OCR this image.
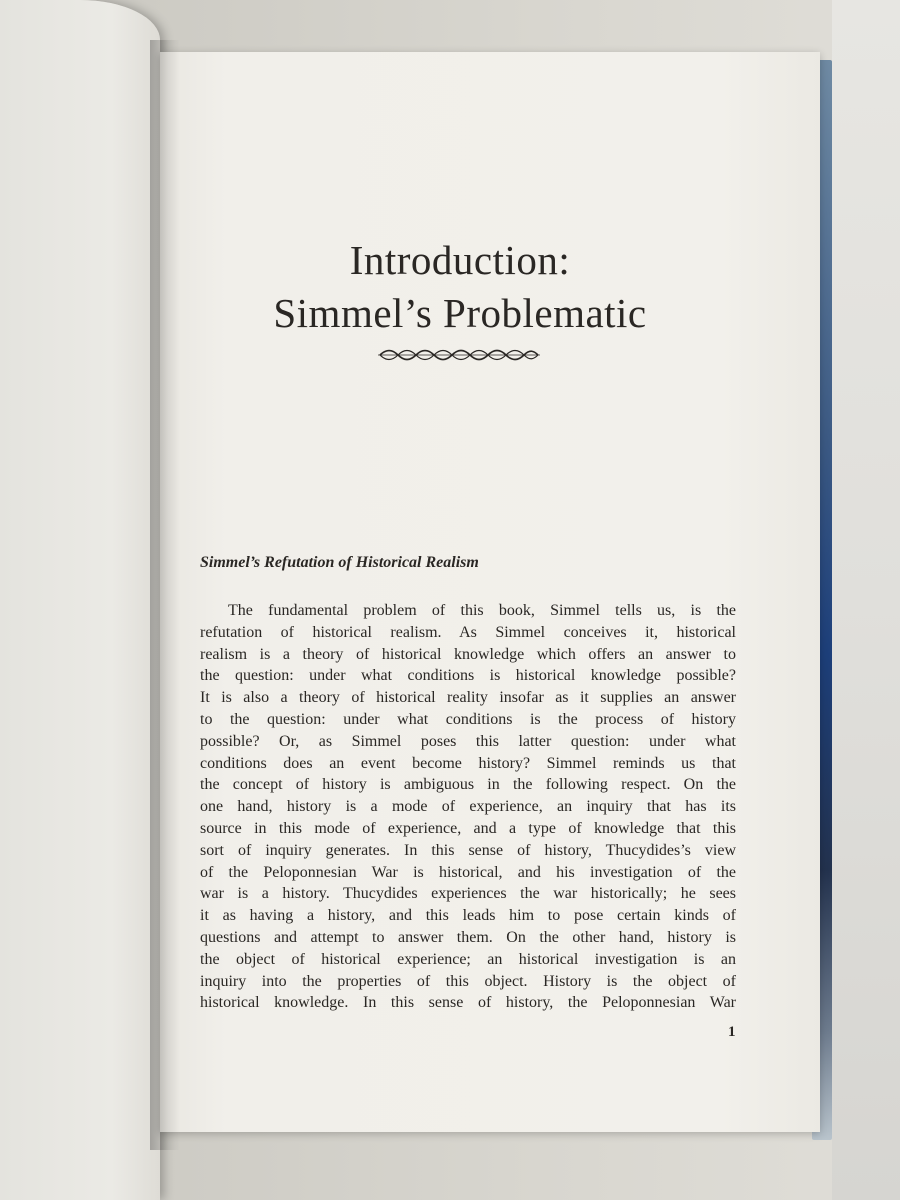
Introduction:
Simmel’s Problematic
Simmel’s Refutation of Historical Realism
The fundamental problem of this book, Simmel tells us, is the
refutation of historical realism. As Simmel conceives it, historical
realism is a theory of historical knowledge which offers an answer to
the question: under what conditions is historical knowledge possible?
It is also a theory of historical reality insofar as it supplies an answer
to the question: under what conditions is the process of history
possible? Or, as Simmel poses this latter question: under what
conditions does an event become history? Simmel reminds us that
the concept of history is ambiguous in the following respect. On the
one hand, history is a mode of experience, an inquiry that has its
source in this mode of experience, and a type of knowledge that this
sort of inquiry generates. In this sense of history, Thucydides’s view
of the Peloponnesian War is historical, and his investigation of the
war is a history. Thucydides experiences the war historically; he sees
it as having a history, and this leads him to pose certain kinds of
questions and attempt to answer them. On the other hand, history is
the object of historical experience; an historical investigation is an
inquiry into the properties of this object. History is the object of
historical knowledge. In this sense of history, the Peloponnesian War
1
